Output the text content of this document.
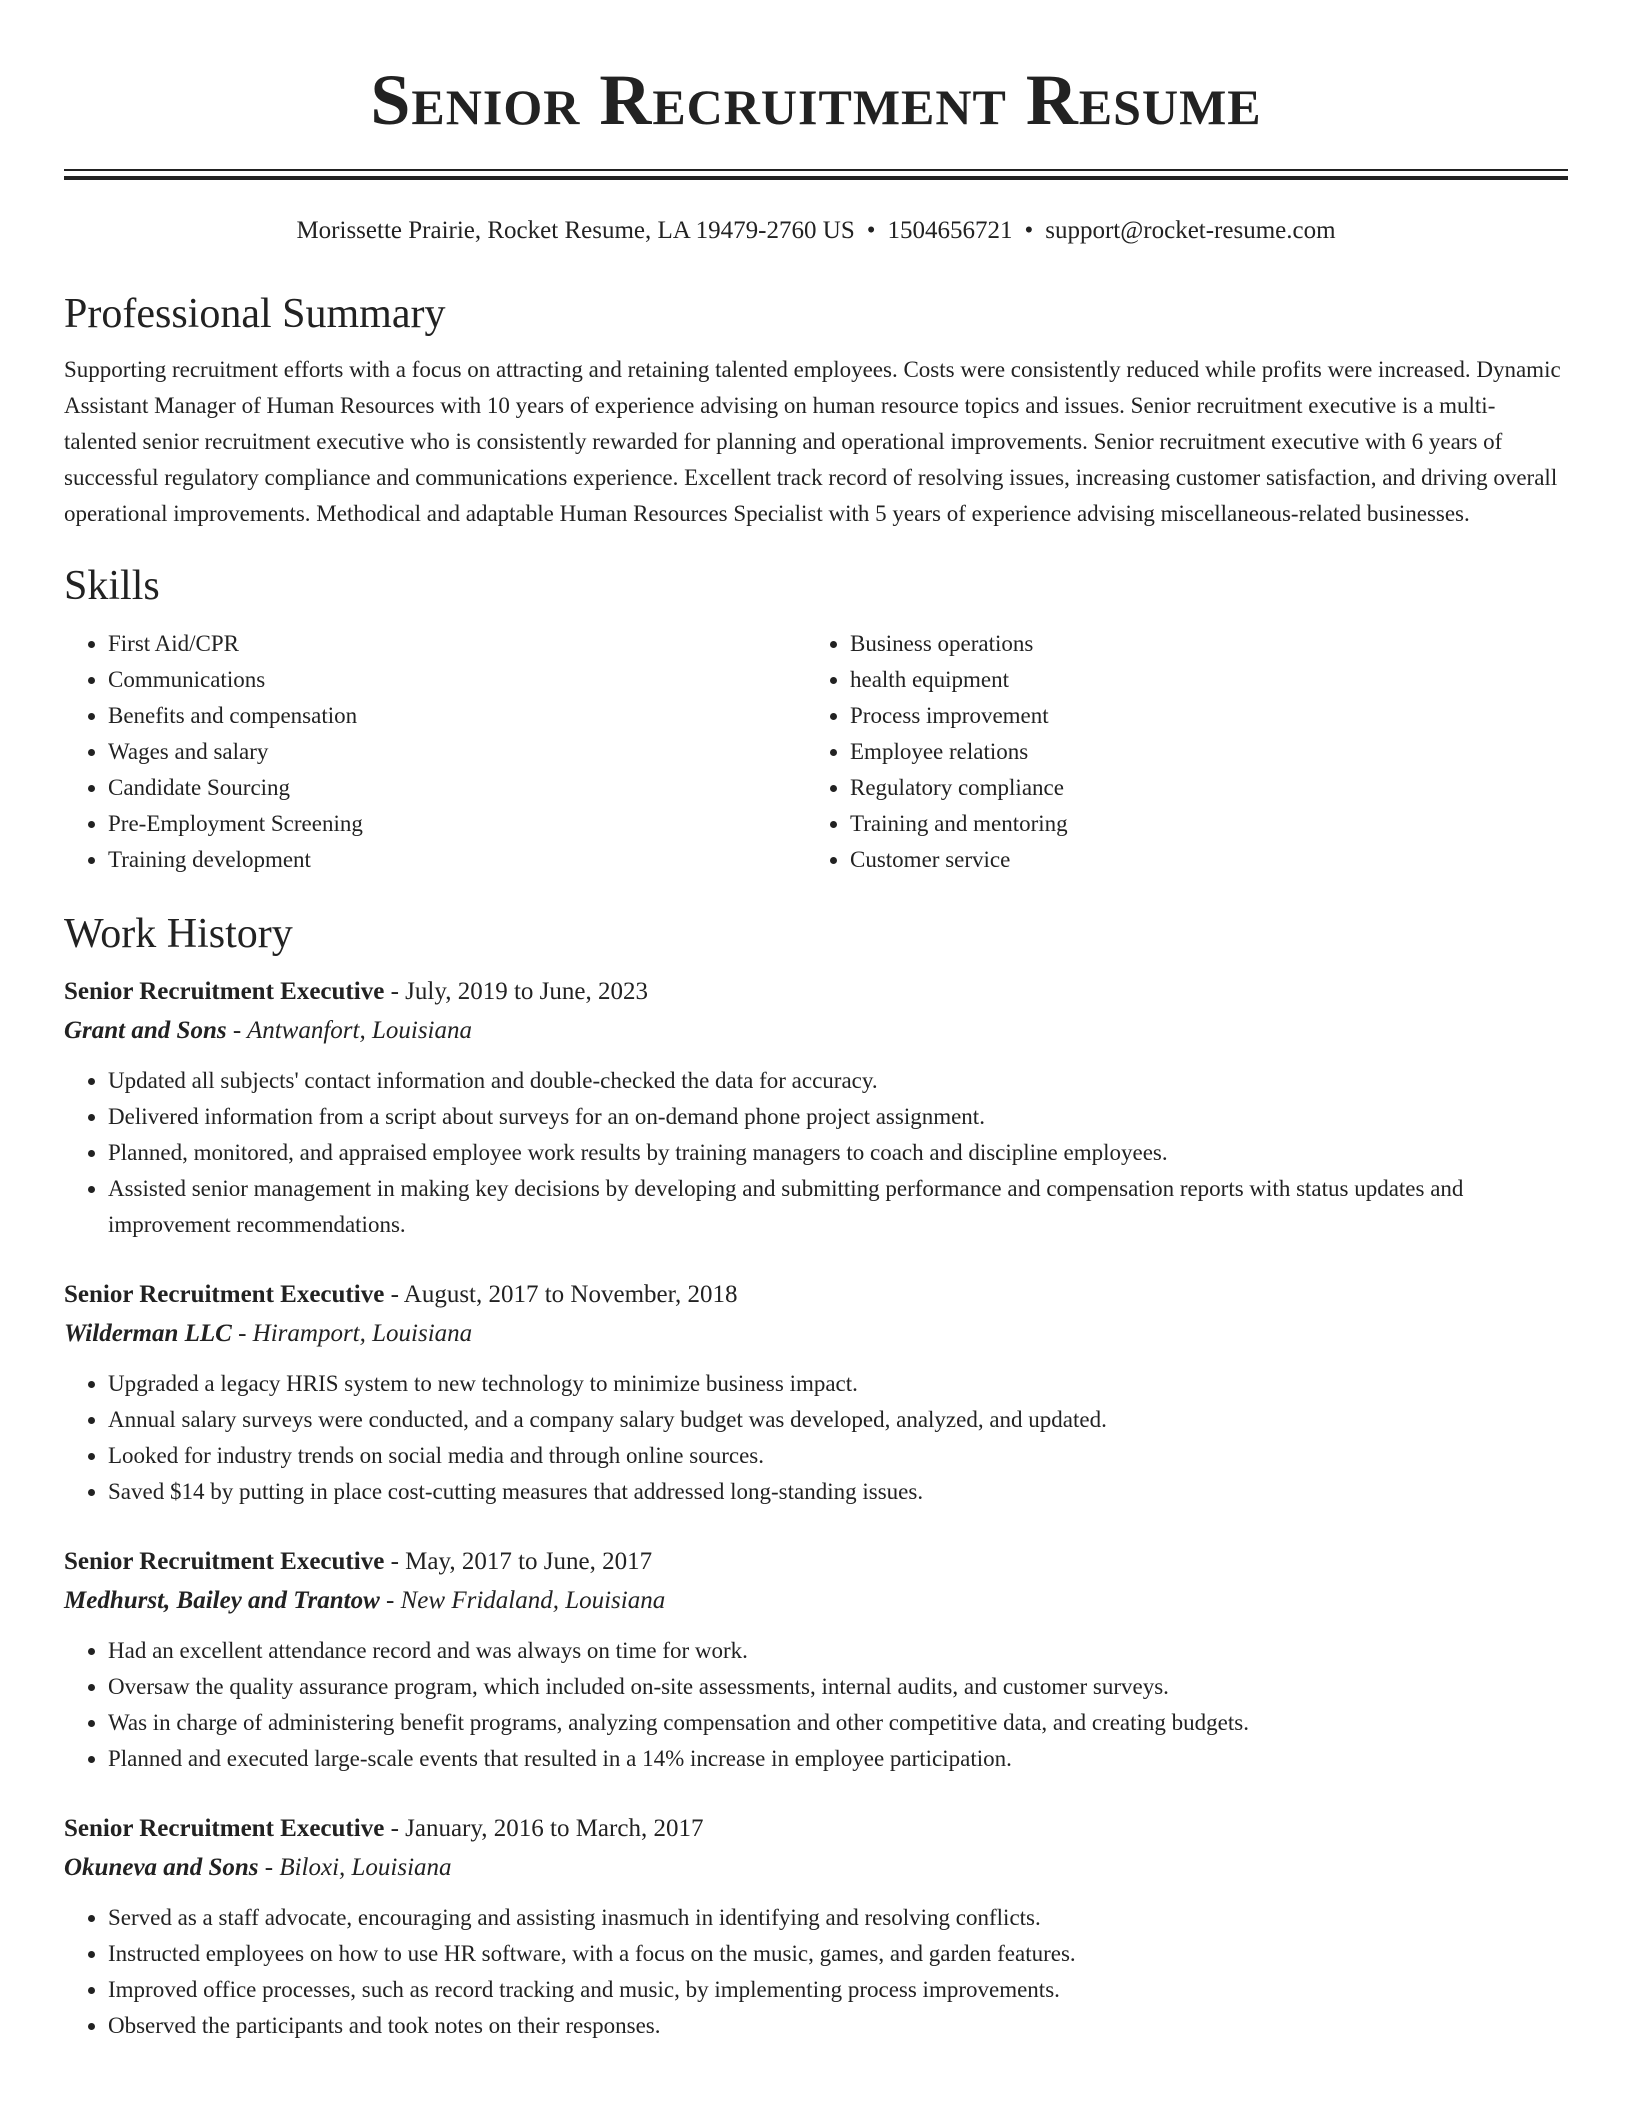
Senior Recruitment Resume
Morissette Prairie, Rocket Resume, LA 19479-2760 US • 1504656721 • support@rocket-resume.com
Professional Summary

Supporting recruitment efforts with a focus on attracting and retaining talented employees. Costs were consistently reduced while profits were increased. Dynamic Assistant Manager of Human Resources with 10 years of experience advising on human resource topics and issues. Senior recruitment executive is a multi-talented senior recruitment executive who is consistently rewarded for planning and operational improvements. Senior recruitment executive with 6 years of successful regulatory compliance and communications experience. Excellent track record of resolving issues, increasing customer satisfaction, and driving overall operational improvements. Methodical and adaptable Human Resources Specialist with 5 years of experience advising miscellaneous-related businesses.

Skills
• First Aid/CPR
• Communications
• Benefits and compensation
• Wages and salary
• Candidate Sourcing
• Pre-Employment Screening
• Training development
• Business operations
• health equipment
• Process improvement
• Employee relations
• Regulatory compliance
• Training and mentoring
• Customer service
Work History
Senior Recruitment Executive - July, 2019 to June, 2023
Grant and Sons - Antwanfort, Louisiana
• Updated all subjects' contact information and double-checked the data for accuracy.
• Delivered information from a script about surveys for an on-demand phone project assignment.
• Planned, monitored, and appraised employee work results by training managers to coach and discipline employees.
• Assisted senior management in making key decisions by developing and submitting performance and compensation reports with status updates and improvement recommendations.
Senior Recruitment Executive - August, 2017 to November, 2018
Wilderman LLC - Hiramport, Louisiana
• Upgraded a legacy HRIS system to new technology to minimize business impact.
• Annual salary surveys were conducted, and a company salary budget was developed, analyzed, and updated.
• Looked for industry trends on social media and through online sources.
• Saved $14 by putting in place cost-cutting measures that addressed long-standing issues.
Senior Recruitment Executive - May, 2017 to June, 2017
Medhurst, Bailey and Trantow - New Fridaland, Louisiana
• Had an excellent attendance record and was always on time for work.
• Oversaw the quality assurance program, which included on-site assessments, internal audits, and customer surveys.
• Was in charge of administering benefit programs, analyzing compensation and other competitive data, and creating budgets.
• Planned and executed large-scale events that resulted in a 14% increase in employee participation.
Senior Recruitment Executive - January, 2016 to March, 2017
Okuneva and Sons - Biloxi, Louisiana
• Served as a staff advocate, encouraging and assisting inasmuch in identifying and resolving conflicts.
• Instructed employees on how to use HR software, with a focus on the music, games, and garden features.
• Improved office processes, such as record tracking and music, by implementing process improvements.
• Observed the participants and took notes on their responses.
